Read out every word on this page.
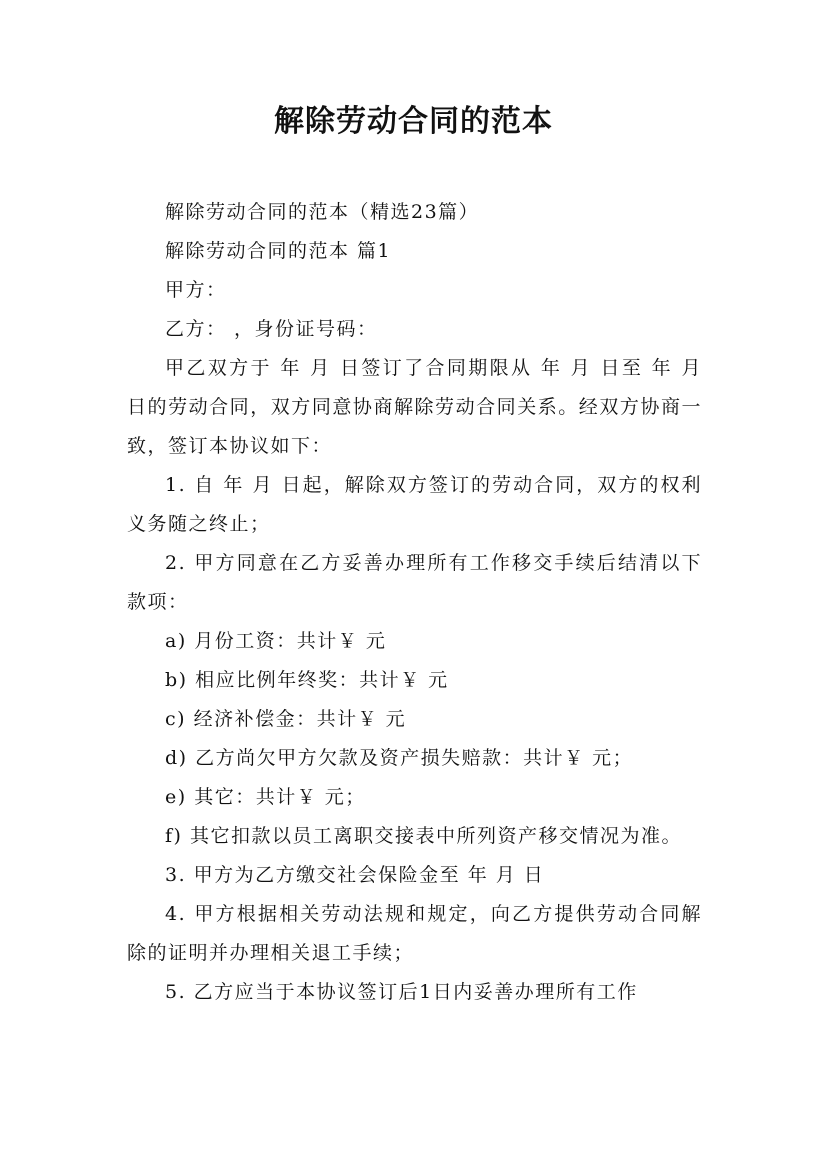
解除劳动合同的范本

解除劳动合同的范本（精选23篇）

解除劳动合同的范本 篇1

甲方：

乙方： ，身份证号码：

甲乙双方于 年 月 日签订了合同期限从 年 月 日至 年 月 日的劳动合同，双方同意协商解除劳动合同关系。经双方协商一致，签订本协议如下：

1. 自 年 月 日起，解除双方签订的劳动合同，双方的权利义务随之终止；

2. 甲方同意在乙方妥善办理所有工作移交手续后结清以下款项：

a) 月份工资：共计￥ 元

b) 相应比例年终奖：共计￥ 元

c) 经济补偿金：共计￥ 元

d) 乙方尚欠甲方欠款及资产损失赔款：共计￥ 元；

e) 其它：共计￥ 元；

f) 其它扣款以员工离职交接表中所列资产移交情况为准。

3. 甲方为乙方缴交社会保险金至 年 月 日

4. 甲方根据相关劳动法规和规定，向乙方提供劳动合同解除的证明并办理相关退工手续；

5. 乙方应当于本协议签订后1日内妥善办理所有工作
